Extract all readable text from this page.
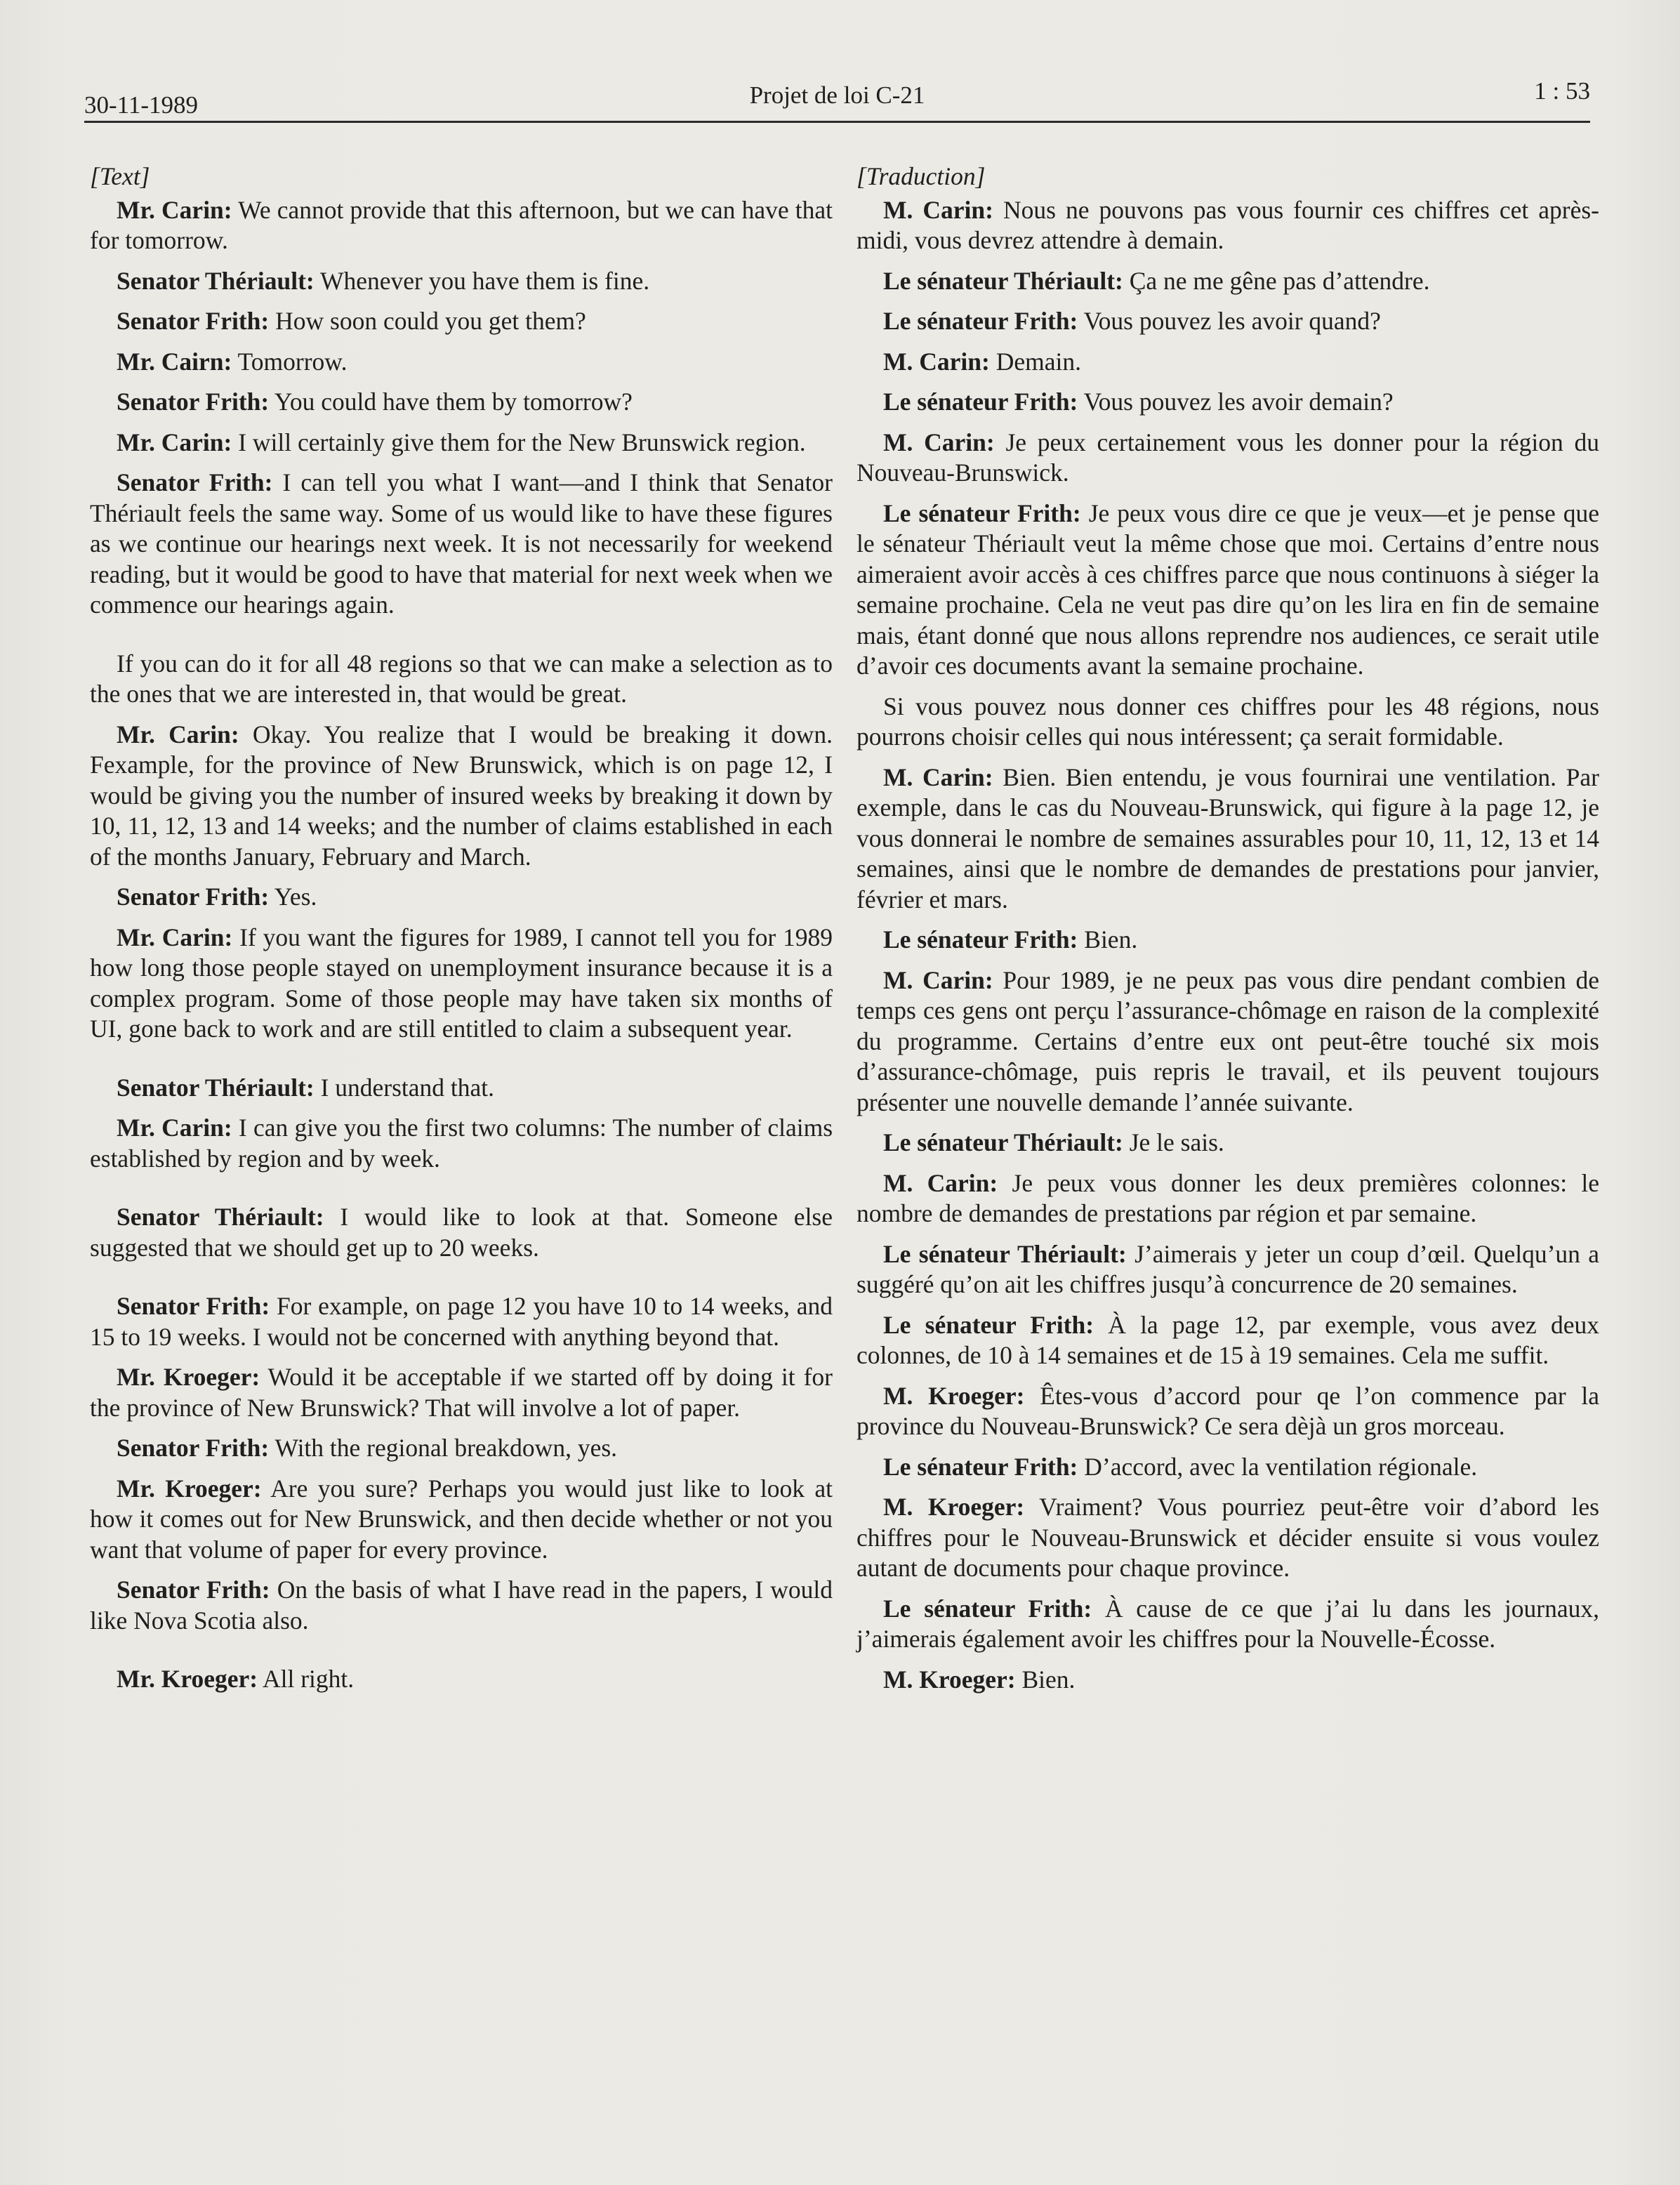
30-11-1989	Projet de loi C-21	1 : 53
[Text]

Mr. Carin: We cannot provide that this afternoon, but we can have that for tomorrow.

Senator Thériault: Whenever you have them is fine.

Senator Frith: How soon could you get them?

Mr. Cairn: Tomorrow.

Senator Frith: You could have them by tomorrow?

Mr. Carin: I will certainly give them for the New Brunswick region.

Senator Frith: I can tell you what I want—and I think that Senator Thériault feels the same way. Some of us would like to have these figures as we continue our hearings next week. It is not necessarily for weekend reading, but it would be good to have that material for next week when we commence our hearings again.

If you can do it for all 48 regions so that we can make a selection as to the ones that we are interested in, that would be great.

Mr. Carin: Okay. You realize that I would be breaking it down. Fexample, for the province of New Brunswick, which is on page 12, I would be giving you the number of insured weeks by breaking it down by 10, 11, 12, 13 and 14 weeks; and the number of claims established in each of the months January, February and March.

Senator Frith: Yes.

Mr. Carin: If you want the figures for 1989, I cannot tell you for 1989 how long those people stayed on unemployment insurance because it is a complex program. Some of those people may have taken six months of UI, gone back to work and are still entitled to claim a subsequent year.

Senator Thériault: I understand that.

Mr. Carin: I can give you the first two columns: The number of claims established by region and by week.

Senator Thériault: I would like to look at that. Someone else suggested that we should get up to 20 weeks.

Senator Frith: For example, on page 12 you have 10 to 14 weeks, and 15 to 19 weeks. I would not be concerned with anything beyond that.

Mr. Kroeger: Would it be acceptable if we started off by doing it for the province of New Brunswick? That will involve a lot of paper.

Senator Frith: With the regional breakdown, yes.

Mr. Kroeger: Are you sure? Perhaps you would just like to look at how it comes out for New Brunswick, and then decide whether or not you want that volume of paper for every province.

Senator Frith: On the basis of what I have read in the papers, I would like Nova Scotia also.

Mr. Kroeger: All right.

[Traduction]

M. Carin: Nous ne pouvons pas vous fournir ces chiffres cet après-midi, vous devrez attendre à demain.

Le sénateur Thériault: Ça ne me gêne pas d’attendre.

Le sénateur Frith: Vous pouvez les avoir quand?

M. Carin: Demain.

Le sénateur Frith: Vous pouvez les avoir demain?

M. Carin: Je peux certainement vous les donner pour la région du Nouveau-Brunswick.

Le sénateur Frith: Je peux vous dire ce que je veux—et je pense que le sénateur Thériault veut la même chose que moi. Certains d’entre nous aimeraient avoir accès à ces chiffres parce que nous continuons à siéger la semaine prochaine. Cela ne veut pas dire qu’on les lira en fin de semaine mais, étant donné que nous allons reprendre nos audiences, ce serait utile d’avoir ces documents avant la semaine prochaine.

Si vous pouvez nous donner ces chiffres pour les 48 régions, nous pourrons choisir celles qui nous intéressent; ça serait formidable.

M. Carin: Bien. Bien entendu, je vous fournirai une ventilation. Par exemple, dans le cas du Nouveau-Brunswick, qui figure à la page 12, je vous donnerai le nombre de semaines assurables pour 10, 11, 12, 13 et 14 semaines, ainsi que le nombre de demandes de prestations pour janvier, février et mars.

Le sénateur Frith: Bien.

M. Carin: Pour 1989, je ne peux pas vous dire pendant combien de temps ces gens ont perçu l’assurance-chômage en raison de la complexité du programme. Certains d’entre eux ont peut-être touché six mois d’assurance-chômage, puis repris le travail, et ils peuvent toujours présenter une nouvelle demande l’année suivante.

Le sénateur Thériault: Je le sais.

M. Carin: Je peux vous donner les deux premières colonnes: le nombre de demandes de prestations par région et par semaine.

Le sénateur Thériault: J’aimerais y jeter un coup d’œil. Quelqu’un a suggéré qu’on ait les chiffres jusqu’à concurrence de 20 semaines.

Le sénateur Frith: À la page 12, par exemple, vous avez deux colonnes, de 10 à 14 semaines et de 15 à 19 semaines. Cela me suffit.

M. Kroeger: Êtes-vous d’accord pour qe l’on commence par la province du Nouveau-Brunswick? Ce sera dèjà un gros morceau.

Le sénateur Frith: D’accord, avec la ventilation régionale.

M. Kroeger: Vraiment? Vous pourriez peut-être voir d’abord les chiffres pour le Nouveau-Brunswick et décider ensuite si vous voulez autant de documents pour chaque province.

Le sénateur Frith: À cause de ce que j’ai lu dans les journaux, j’aimerais également avoir les chiffres pour la Nouvelle-Écosse.

M. Kroeger: Bien.
